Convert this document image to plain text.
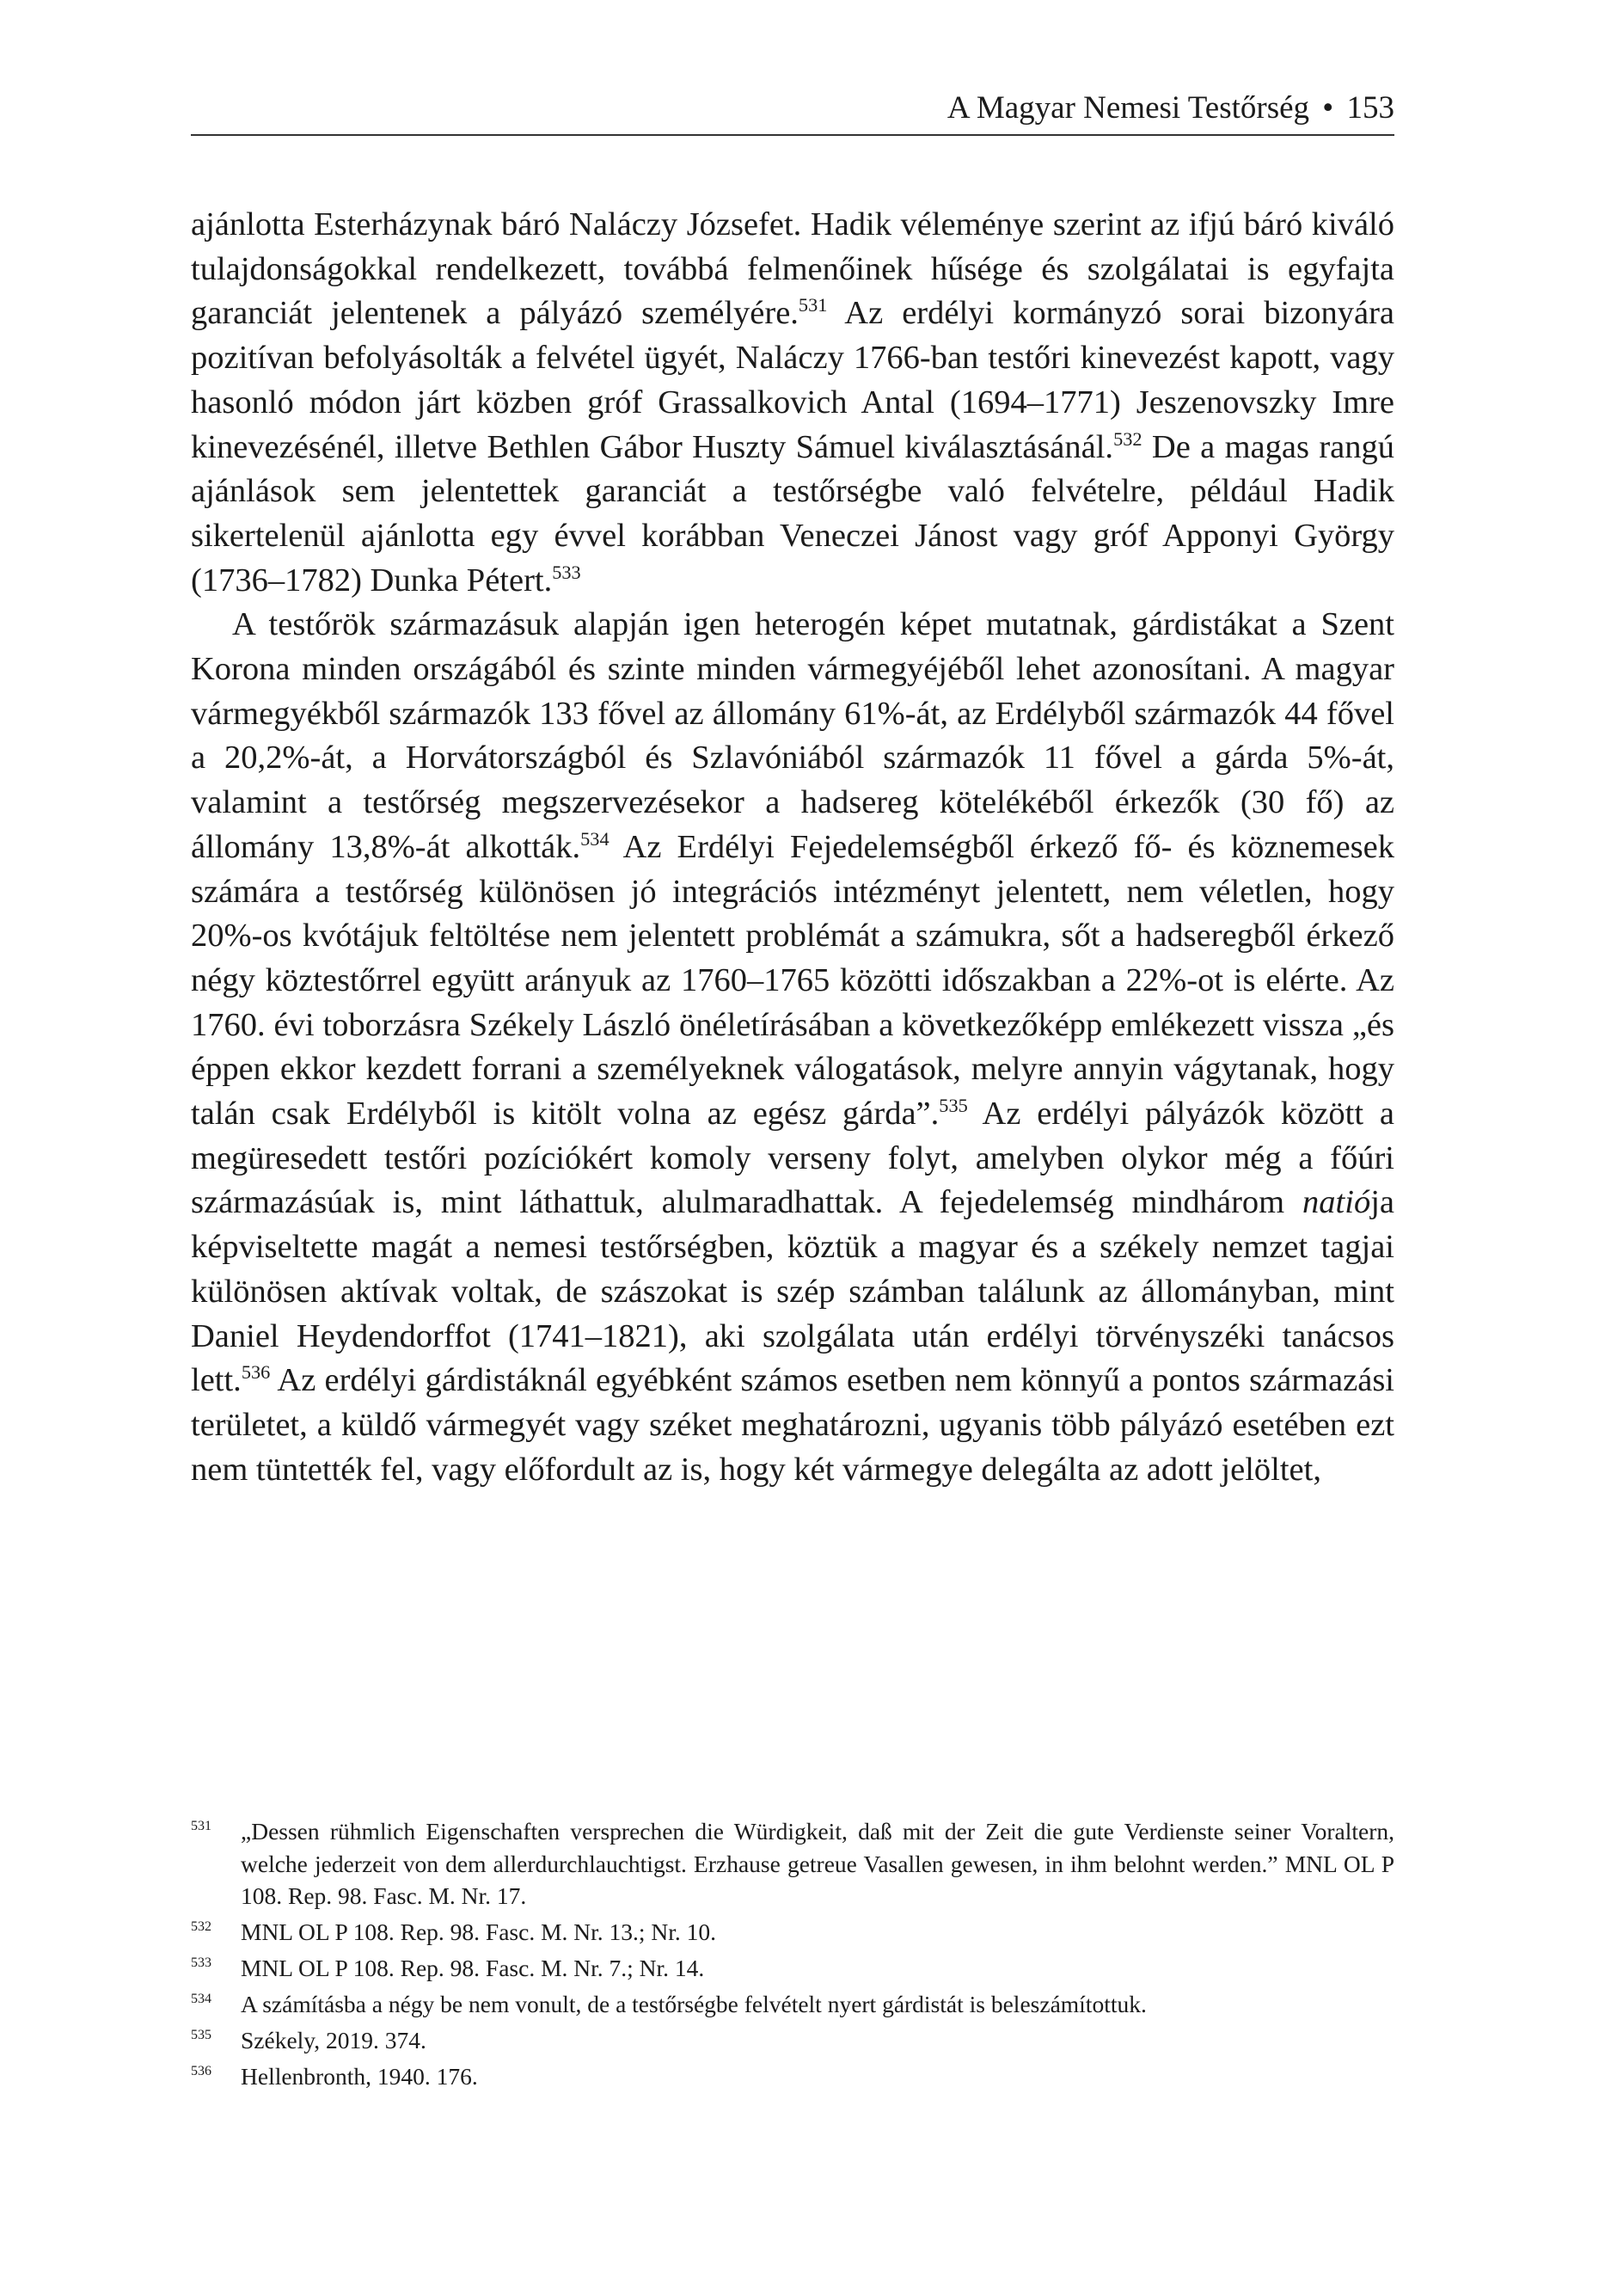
A Magyar Nemesi Testőrség • 153

ajánlotta Esterházynak báró Naláczy Józsefet. Hadik véleménye szerint az ifjú báró kiváló tulajdonságokkal rendelkezett, továbbá felmenőinek hűsége és szolgálatai is egyfajta garanciát jelentenek a pályázó személyére.$^{531}$ Az erdélyi kormányzó sorai bizonyára pozitívan befolyásolták a felvétel ügyét, Naláczy 1766-ban testőri kinevezést kapott, vagy hasonló módon járt közben gróf Grassalkovich Antal (1694–1771) Jeszenovszky Imre kinevezésénél, illetve Bethlen Gábor Huszty Sámuel kiválasztásánál.$^{532}$ De a magas rangú ajánlások sem jelentettek garanciát a testőrségbe való felvételre, például Hadik sikertelenül ajánlotta egy évvel korábban Veneczei Jánost vagy gróf Apponyi György (1736–1782) Dunka Pétert.$^{533}$

A testőrök származásuk alapján igen heterogén képet mutatnak, gárdistákat a Szent Korona minden országából és szinte minden vármegyéjéből lehet azonosítani. A magyar vármegyékből származók 133 fővel az állomány 61%-át, az Erdélyből származók 44 fővel a 20,2%-át, a Horvátországból és Szlavóniából származók 11 fővel a gárda 5%-át, valamint a testőrség megszervezésekor a hadsereg kötelékéből érkezők (30 fő) az állomány 13,8%-át alkották.$^{534}$ Az Erdélyi Fejedelemségből érkező fő- és köznemesek számára a testőrség különösen jó integrációs intézményt jelentett, nem véletlen, hogy 20%-os kvótájuk feltöltése nem jelentett problémát a számukra, sőt a hadseregből érkező négy köztestőrrel együtt arányuk az 1760–1765 közötti időszakban a 22%-ot is elérte. Az 1760. évi toborzásra Székely László önéletírásában a következőképp emlékezett vissza „és éppen ekkor kezdett forrani a személyeknek válogatások, melyre annyin vágytanak, hogy talán csak Erdélyből is kitölt volna az egész gárda”.$^{535}$ Az erdélyi pályázók között a megüresedett testőri pozíciókért komoly verseny folyt, amelyben olykor még a főúri származásúak is, mint láthattuk, alulmaradhattak. A fejedelemség mindhárom natiója képviseltette magát a nemesi testőrségben, köztük a magyar és a székely nemzet tagjai különösen aktívak voltak, de szászokat is szép számban találunk az állományban, mint Daniel Heydendorffot (1741–1821), aki szolgálata után erdélyi törvényszéki tanácsos lett.$^{536}$ Az erdélyi gárdistáknál egyébként számos esetben nem könnyű a pontos származási területet, a küldő vármegyét vagy széket meghatározni, ugyanis több pályázó esetében ezt nem tüntették fel, vagy előfordult az is, hogy két vármegye delegálta az adott jelöltet,

531 „Dessen rühmlich Eigenschaften versprechen die Würdigkeit, daß mit der Zeit die gute Verdienste seiner Voraltern, welche jederzeit von dem allerdurchlauchtigst. Erzhause getreue Vasallen gewesen, in ihm belohnt werden.” MNL OL P 108. Rep. 98. Fasc. M. Nr. 17.
532 MNL OL P 108. Rep. 98. Fasc. M. Nr. 13.; Nr. 10.
533 MNL OL P 108. Rep. 98. Fasc. M. Nr. 7.; Nr. 14.
534 A számításba a négy be nem vonult, de a testőrségbe felvételt nyert gárdistát is beleszámítottuk.
535 Székely, 2019. 374.
536 Hellenbronth, 1940. 176.
